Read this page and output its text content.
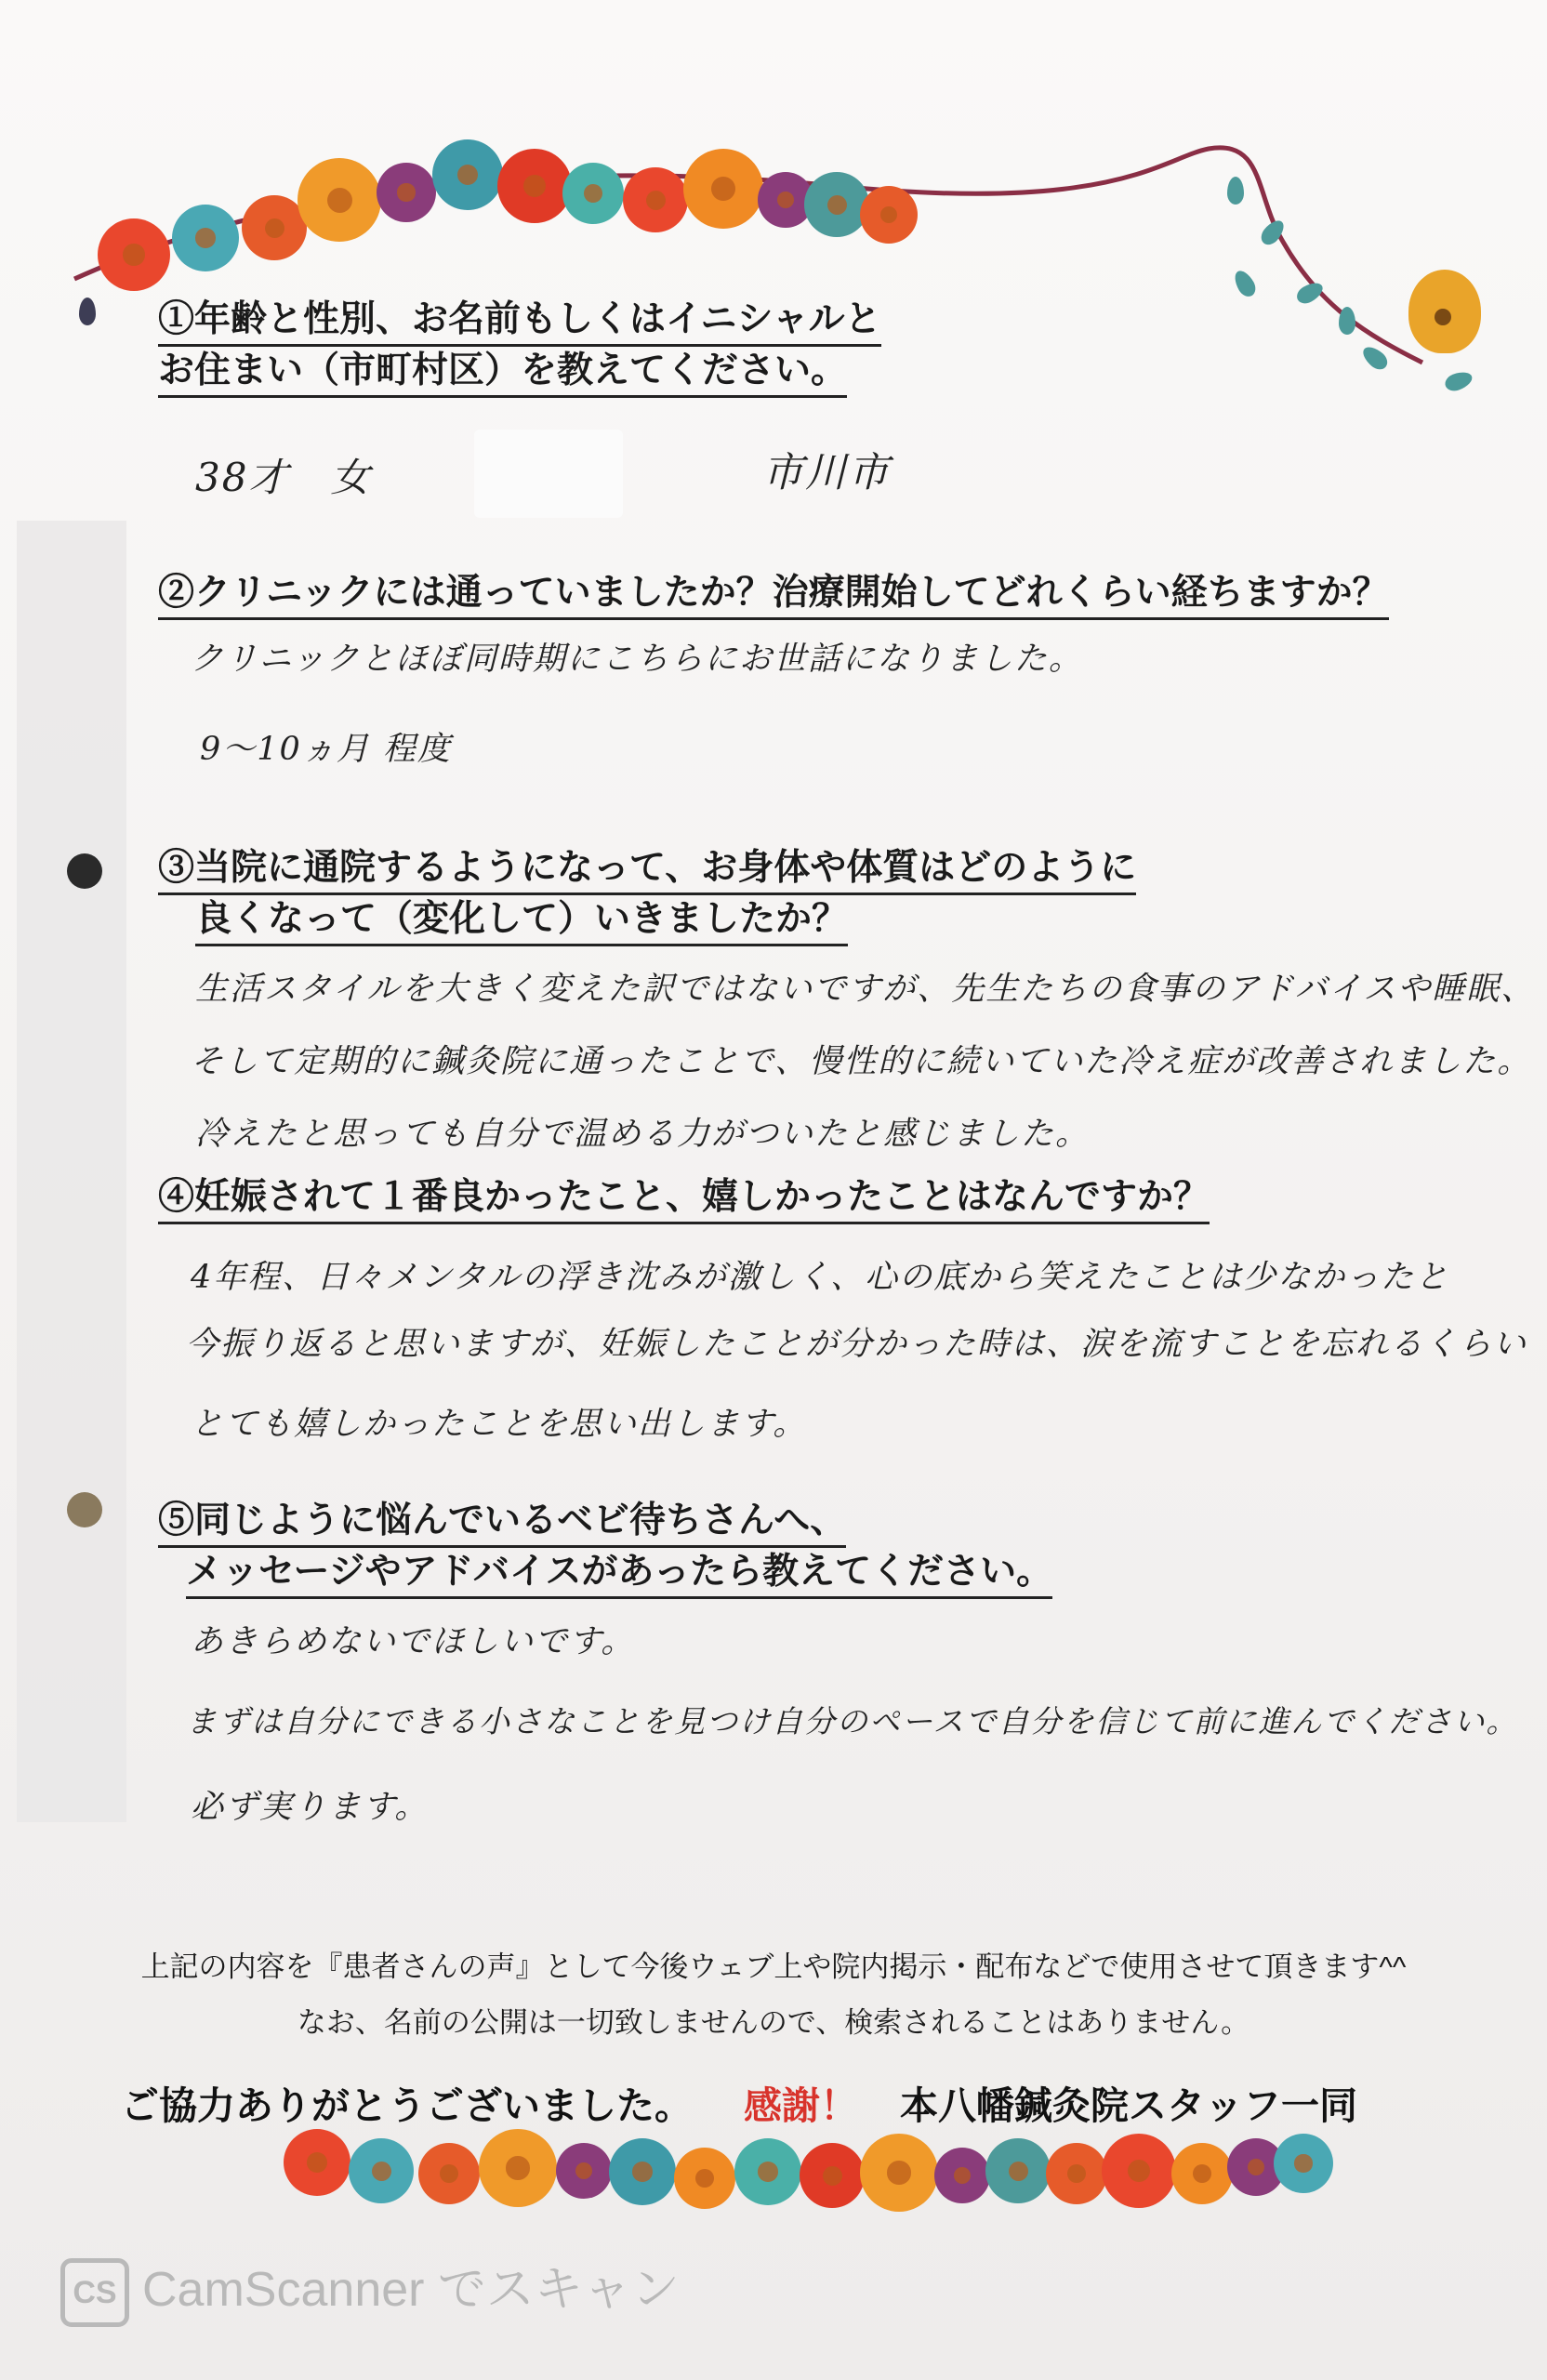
①年齢と性別、お名前もしくはイニシャルと
お住まい（市町村区）を教えてください。
38才　女	市川市
②クリニックには通っていましたか？治療開始してどれくらい経ちますか？
クリニックとほぼ同時期にこちらにお世話になりました。
9〜10ヵ月 程度
③当院に通院するようになって、お身体や体質はどのように
良くなって（変化して）いきましたか？
生活スタイルを大きく変えた訳ではないですが、先生たちの食事のアドバイスや睡眠、
そして定期的に鍼灸院に通ったことで、慢性的に続いていた冷え症が改善されました。
冷えたと思っても自分で温める力がついたと感じました。
④妊娠されて１番良かったこと、嬉しかったことはなんですか？
4年程、日々メンタルの浮き沈みが激しく、心の底から笑えたことは少なかったと
今振り返ると思いますが、妊娠したことが分かった時は、涙を流すことを忘れるくらい
とても嬉しかったことを思い出します。
⑤同じように悩んでいるベビ待ちさんへ、
メッセージやアドバイスがあったら教えてください。
あきらめないでほしいです。
まずは自分にできる小さなことを見つけ自分のペースで自分を信じて前に進んでください。
必ず実ります。
上記の内容を『患者さんの声』として今後ウェブ上や院内掲示・配布などで使用させて頂きます^^
なお、名前の公開は一切致しませんので、検索されることはありません。
ご協力ありがとうございました。 感謝！ 本八幡鍼灸院スタッフ一同
CS CamScanner でスキャン
